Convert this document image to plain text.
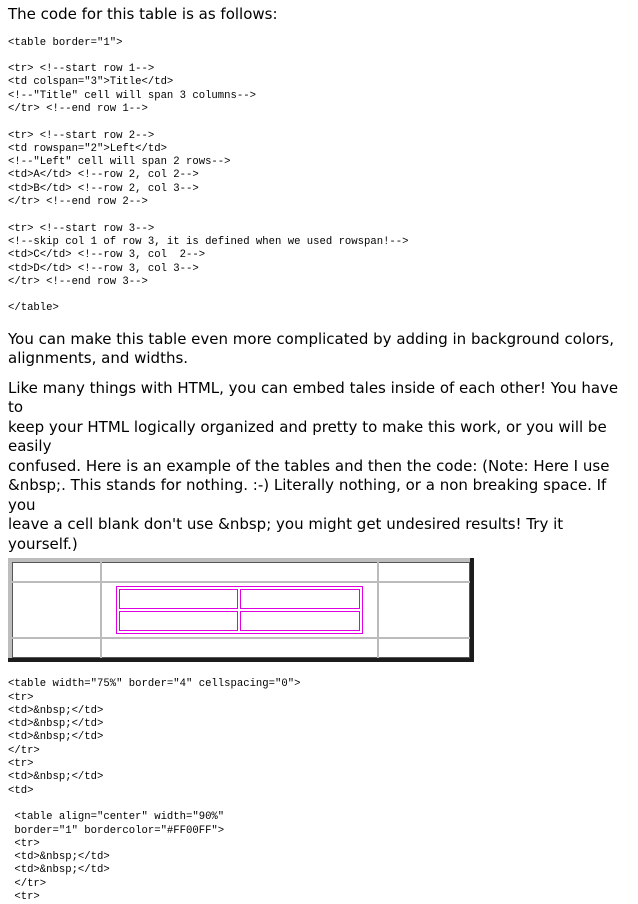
The code for this table is as follows:

<table border="1">

<tr> <!--start row 1-->
<td colspan="3">Title</td>
<!--"Title" cell will span 3 columns-->
</tr> <!--end row 1-->

<tr> <!--start row 2-->
<td rowspan="2">Left</td>
<!--"Left" cell will span 2 rows-->
<td>A</td> <!--row 2, col 2-->
<td>B</td> <!--row 2, col 3-->
</tr> <!--end row 2-->

<tr> <!--start row 3-->
<!--skip col 1 of row 3, it is defined when we used rowspan!-->
<td>C</td> <!--row 3, col  2-->
<td>D</td> <!--row 3, col 3-->
</tr> <!--end row 3-->

</table>

You can make this table even more complicated by adding in background colors,
alignments, and widths.

Like many things with HTML, you can embed tales inside of each other! You have to
keep your HTML logically organized and pretty to make this work, or you will be easily
confused. Here is an example of the tables and then the code: (Note: Here I use
&nbsp;. This stands for nothing. :-) Literally nothing, or a non breaking space. If you
leave a cell blank don't use &nbsp; you might get undesired results! Try it yourself.)

<table width="75%" border="4" cellspacing="0">
<tr>
<td>&nbsp;</td>
<td>&nbsp;</td>
<td>&nbsp;</td>
</tr>
<tr>
<td>&nbsp;</td>
<td>

<table align="center" width="90%"
border="1" bordercolor="#FF00FF">
<tr>
<td>&nbsp;</td>
<td>&nbsp;</td>
</tr>
<tr>
